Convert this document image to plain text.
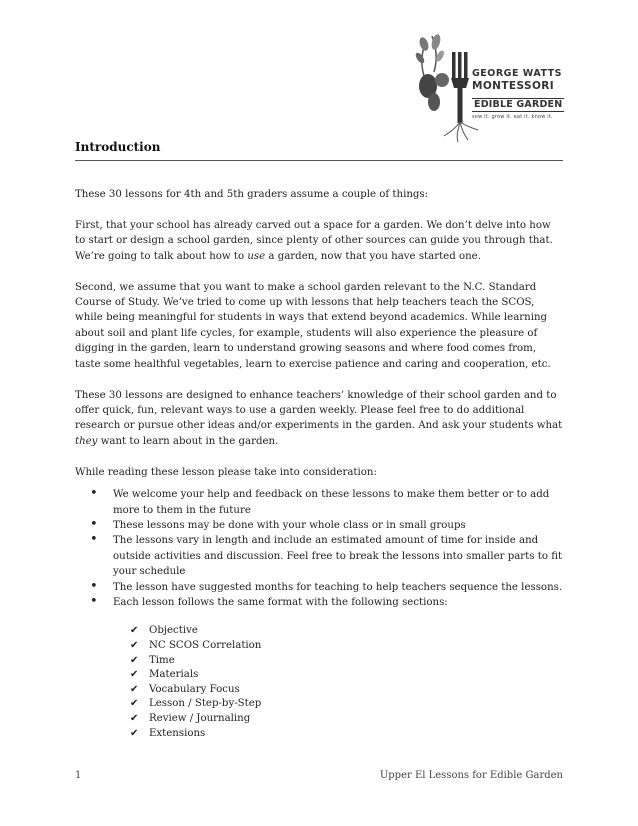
GEORGE WATTS
MONTESSORI
EDIBLE GARDEN
sow it. grow it. eat it. know it.
Introduction

These 30 lessons for 4th and 5th graders assume a couple of things:

First, that your school has already carved out a space for a garden. We don’t delve into how to start or design a school garden, since plenty of other sources can guide you through that. We’re going to talk about how to use a garden, now that you have started one.

Second, we assume that you want to make a school garden relevant to the N.C. Standard Course of Study. We’ve tried to come up with lessons that help teachers teach the SCOS, while being meaningful for students in ways that extend beyond academics. While learning about soil and plant life cycles, for example, students will also experience the pleasure of digging in the garden, learn to understand growing seasons and where food comes from, taste some healthful vegetables, learn to exercise patience and caring and cooperation, etc.

These 30 lessons are designed to enhance teachers’ knowledge of their school garden and to offer quick, fun, relevant ways to use a garden weekly. Please feel free to do additional research or pursue other ideas and/or experiments in the garden. And ask your students what they want to learn about in the garden.

While reading these lesson please take into consideration:

• We welcome your help and feedback on these lessons to make them better or to add more to them in the future
• These lessons may be done with your whole class or in small groups
• The lessons vary in length and include an estimated amount of time for inside and outside activities and discussion. Feel free to break the lessons into smaller parts to fit your schedule
• The lesson have suggested months for teaching to help teachers sequence the lessons.
• Each lesson follows the same format with the following sections:
✔ Objective
✔ NC SCOS Correlation
✔ Time
✔ Materials
✔ Vocabulary Focus
✔ Lesson / Step-by-Step
✔ Review / Journaling
✔ Extensions
1	Upper El Lessons for Edible Garden
